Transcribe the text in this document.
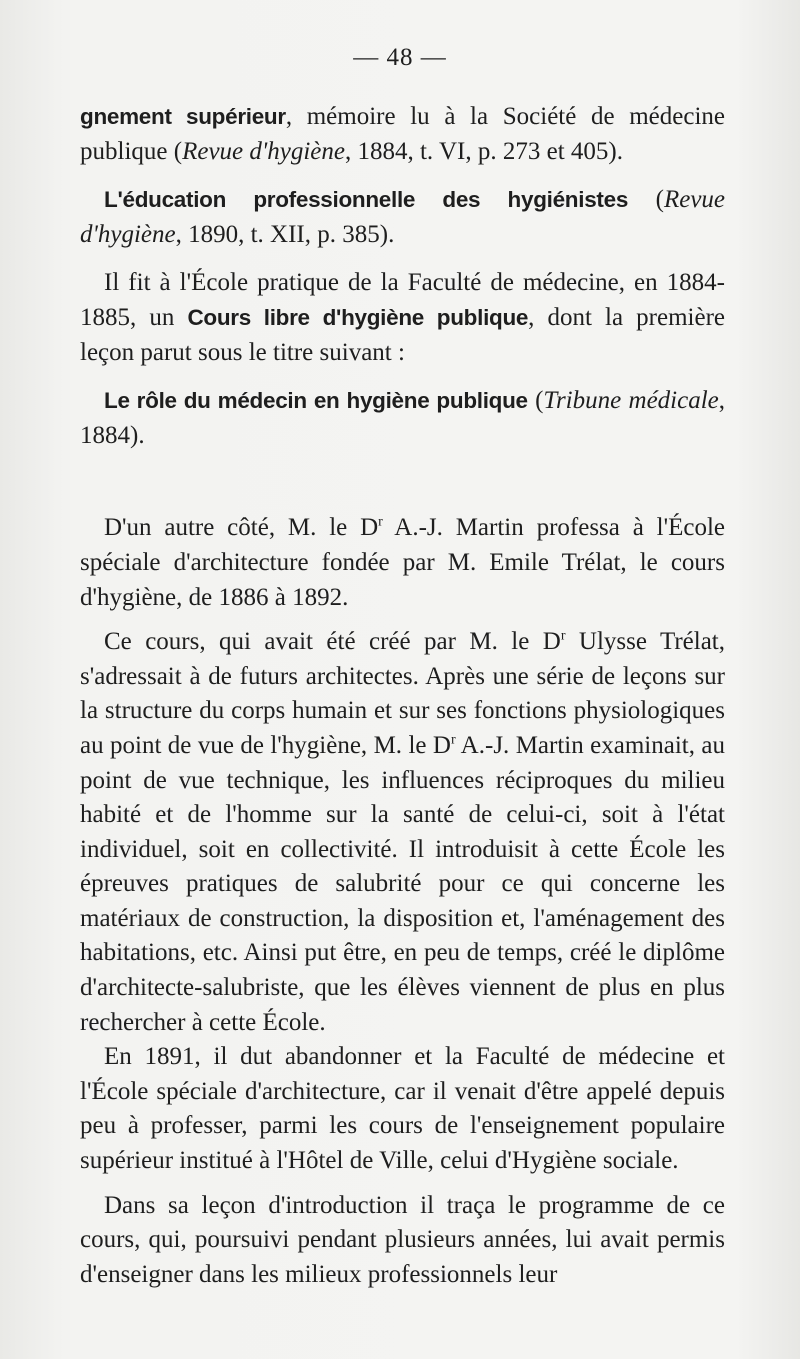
— 48 —

gnement supérieur, mémoire lu à la Société de médecine publique (Revue d'hygiène, 1884, t. VI, p. 273 et 405).

L'éducation professionnelle des hygiénistes (Revue d'hygiène, 1890, t. XII, p. 385).

Il fit à l'École pratique de la Faculté de médecine, en 1884-1885, un Cours libre d'hygiène publique, dont la première leçon parut sous le titre suivant :

Le rôle du médecin en hygiène publique (Tribune médicale, 1884).

D'un autre côté, M. le $D^r$ A.-J. Martin professa à l'École spéciale d'architecture fondée par M. Emile Trélat, le cours d'hygiène, de 1886 à 1892.

Ce cours, qui avait été créé par M. le $D^r$ Ulysse Trélat, s'adressait à de futurs architectes. Après une série de leçons sur la structure du corps humain et sur ses fonctions physiologiques au point de vue de l'hygiène, M. le $D^r$ A.-J. Martin examinait, au point de vue technique, les influences réciproques du milieu habité et de l'homme sur la santé de celui-ci, soit à l'état individuel, soit en collectivité. Il introduisit à cette École les épreuves pratiques de salubrité pour ce qui concerne les matériaux de construction, la disposition et, l'aménagement des habitations, etc. Ainsi put être, en peu de temps, créé le diplôme d'architecte-salubriste, que les élèves viennent de plus en plus rechercher à cette École.

En 1891, il dut abandonner et la Faculté de médecine et l'École spéciale d'architecture, car il venait d'être appelé depuis peu à professer, parmi les cours de l'enseignement populaire supérieur institué à l'Hôtel de Ville, celui d'Hygiène sociale.

Dans sa leçon d'introduction il traça le programme de ce cours, qui, poursuivi pendant plusieurs années, lui avait permis d'enseigner dans les milieux professionnels leur
